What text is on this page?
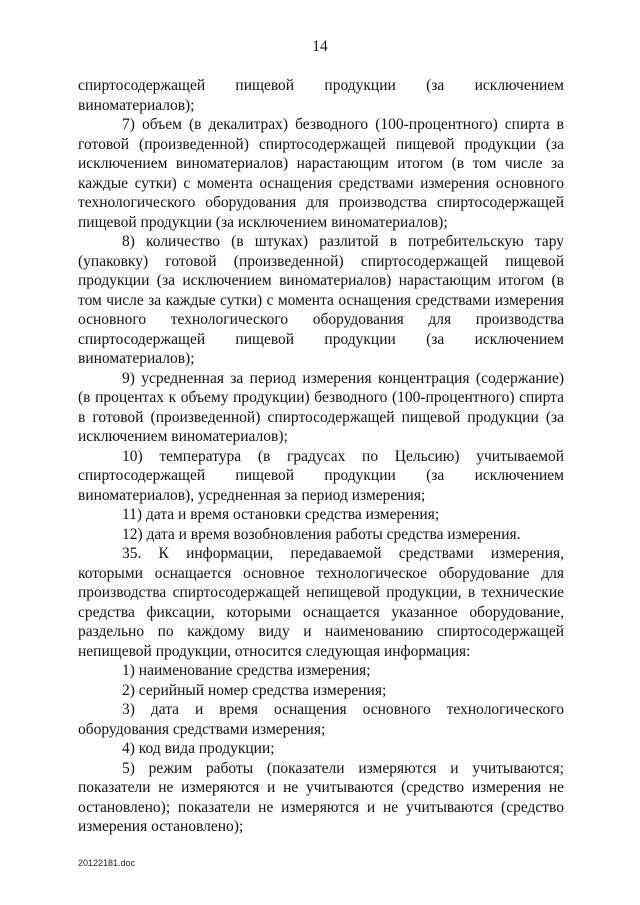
14

спиртосодержащей пищевой продукции (за исключением виноматериалов);

7) объем (в декалитрах) безводного (100-процентного) спирта в готовой (произведенной) спиртосодержащей пищевой продукции (за исключением виноматериалов) нарастающим итогом (в том числе за каждые сутки) с момента оснащения средствами измерения основного технологического оборудования для производства спиртосодержащей пищевой продукции (за исключением виноматериалов);

8) количество (в штуках) разлитой в потребительскую тару (упаковку) готовой (произведенной) спиртосодержащей пищевой продукции (за исключением виноматериалов) нарастающим итогом (в том числе за каждые сутки) с момента оснащения средствами измерения основного технологического оборудования для производства спиртосодержащей пищевой продукции (за исключением виноматериалов);

9) усредненная за период измерения концентрация (содержание) (в процентах к объему продукции) безводного (100-процентного) спирта в готовой (произведенной) спиртосодержащей пищевой продукции (за исключением виноматериалов);

10) температура (в градусах по Цельсию) учитываемой спиртосодержащей пищевой продукции (за исключением виноматериалов), усредненная за период измерения;

11) дата и время остановки средства измерения;

12) дата и время возобновления работы средства измерения.

35. К информации, передаваемой средствами измерения, которыми оснащается основное технологическое оборудование для производства спиртосодержащей непищевой продукции, в технические средства фиксации, которыми оснащается указанное оборудование, раздельно по каждому виду и наименованию спиртосодержащей непищевой продукции, относится следующая информация:

1) наименование средства измерения;

2) серийный номер средства измерения;

3) дата и время оснащения основного технологического оборудования средствами измерения;

4) код вида продукции;

5) режим работы (показатели измеряются и учитываются; показатели не измеряются и не учитываются (средство измерения не остановлено); показатели не измеряются и не учитываются (средство измерения остановлено);

20122181.doc
